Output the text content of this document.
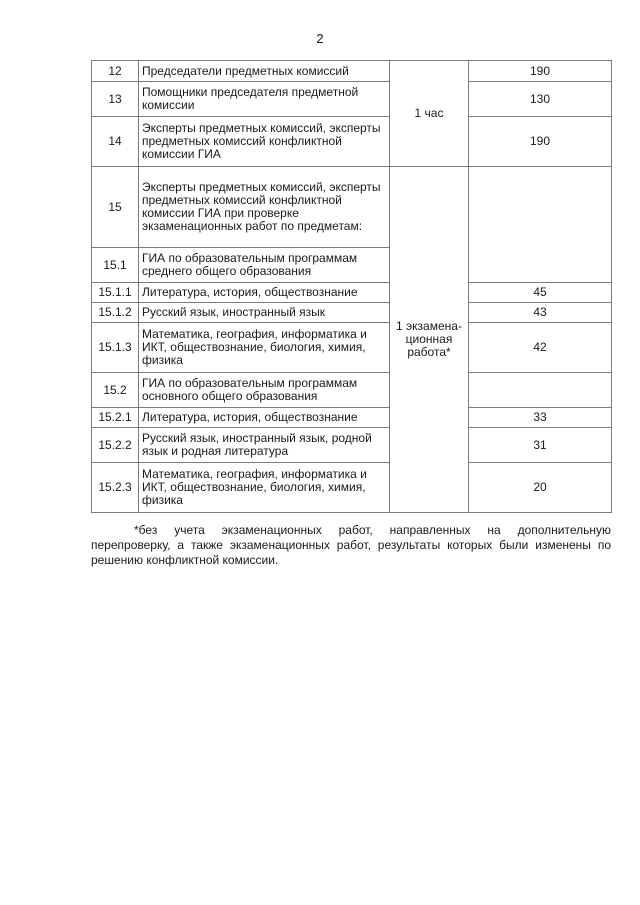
2
12	Председатели предметных комиссий	1 час	190
13	Помощники председателя предметной комиссии		130
14	Эксперты предметных комиссий, эксперты предметных комиссий конфликтной комиссии ГИА		190
15	Эксперты предметных комиссий, эксперты предметных комиссий конфликтной комиссии ГИА при проверке экзаменационных работ по предметам:	1 экзамена-ционная работа*	
15.1	ГИА по образовательным программам среднего общего образования		
15.1.1	Литература, история, обществознание		45
15.1.2	Русский язык, иностранный язык		43
15.1.3	Математика, география, информатика и ИКТ, обществознание, биология, химия, физика		42
15.2	ГИА по образовательным программам основного общего образования		
15.2.1	Литература, история, обществознание		33
15.2.2	Русский язык, иностранный язык, родной язык и родная литература		31
15.2.3	Математика, география, информатика и ИКТ, обществознание, биология, химия, физика		20
*без учета экзаменационных работ, направленных на дополнительную перепроверку, а также экзаменационных работ, результаты которых были изменены по решению конфликтной комиссии.
